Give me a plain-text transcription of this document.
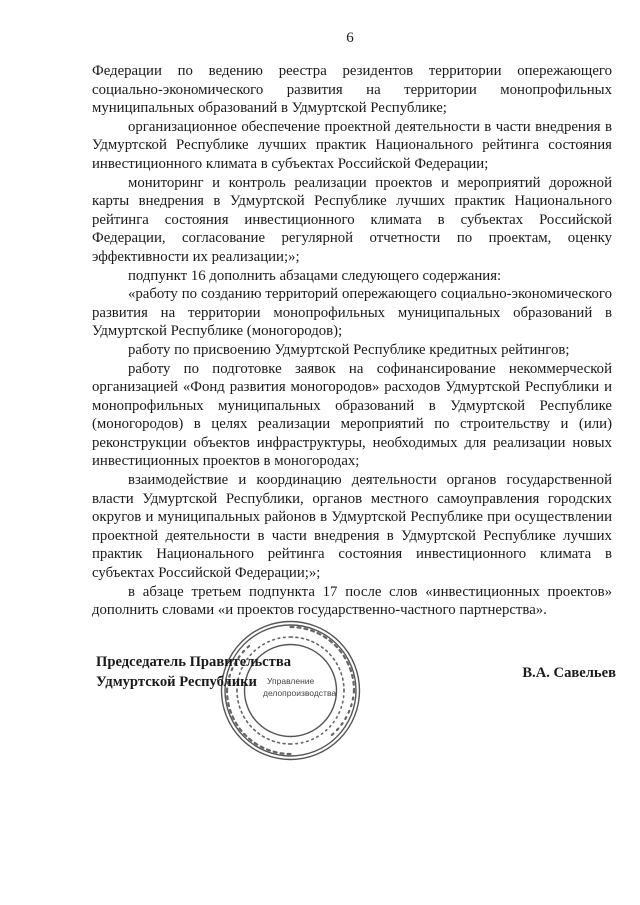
6

Федерации по ведению реестра резидентов территории опережающего социально-экономического развития на территории монопрофильных муниципальных образований в Удмуртской Республике;

организационное обеспечение проектной деятельности в части внедрения в Удмуртской Республике лучших практик Национального рейтинга состояния инвестиционного климата в субъектах Российской Федерации;

мониторинг и контроль реализации проектов и мероприятий дорожной карты внедрения в Удмуртской Республике лучших практик Национального рейтинга состояния инвестиционного климата в субъектах Российской Федерации, согласование регулярной отчетности по проектам, оценку эффективности их реализации;»;

подпункт 16 дополнить абзацами следующего содержания:

«работу по созданию территорий опережающего социально-экономического развития на территории монопрофильных муниципальных образований в Удмуртской Республике (моногородов);

работу по присвоению Удмуртской Республике кредитных рейтингов;

работу по подготовке заявок на софинансирование некоммерческой организацией «Фонд развития моногородов» расходов Удмуртской Республики и монопрофильных муниципальных образований в Удмуртской Республике (моногородов) в целях реализации мероприятий по строительству и (или) реконструкции объектов инфраструктуры, необходимых для реализации новых инвестиционных проектов в моногородах;

взаимодействие и координацию деятельности органов государственной власти Удмуртской Республики, органов местного самоуправления городских округов и муниципальных районов в Удмуртской Республике при осуществлении проектной деятельности в части внедрения в Удмуртской Республике лучших практик Национального рейтинга состояния инвестиционного климата в субъектах Российской Федерации;»;

в абзаце третьем подпункта 17 после слов «инвестиционных проектов» дополнить словами «и проектов государственно-частного партнерства».

Управление
делопроизводства
Председатель Правительства
Удмуртской Республики
В.А. Савельев
